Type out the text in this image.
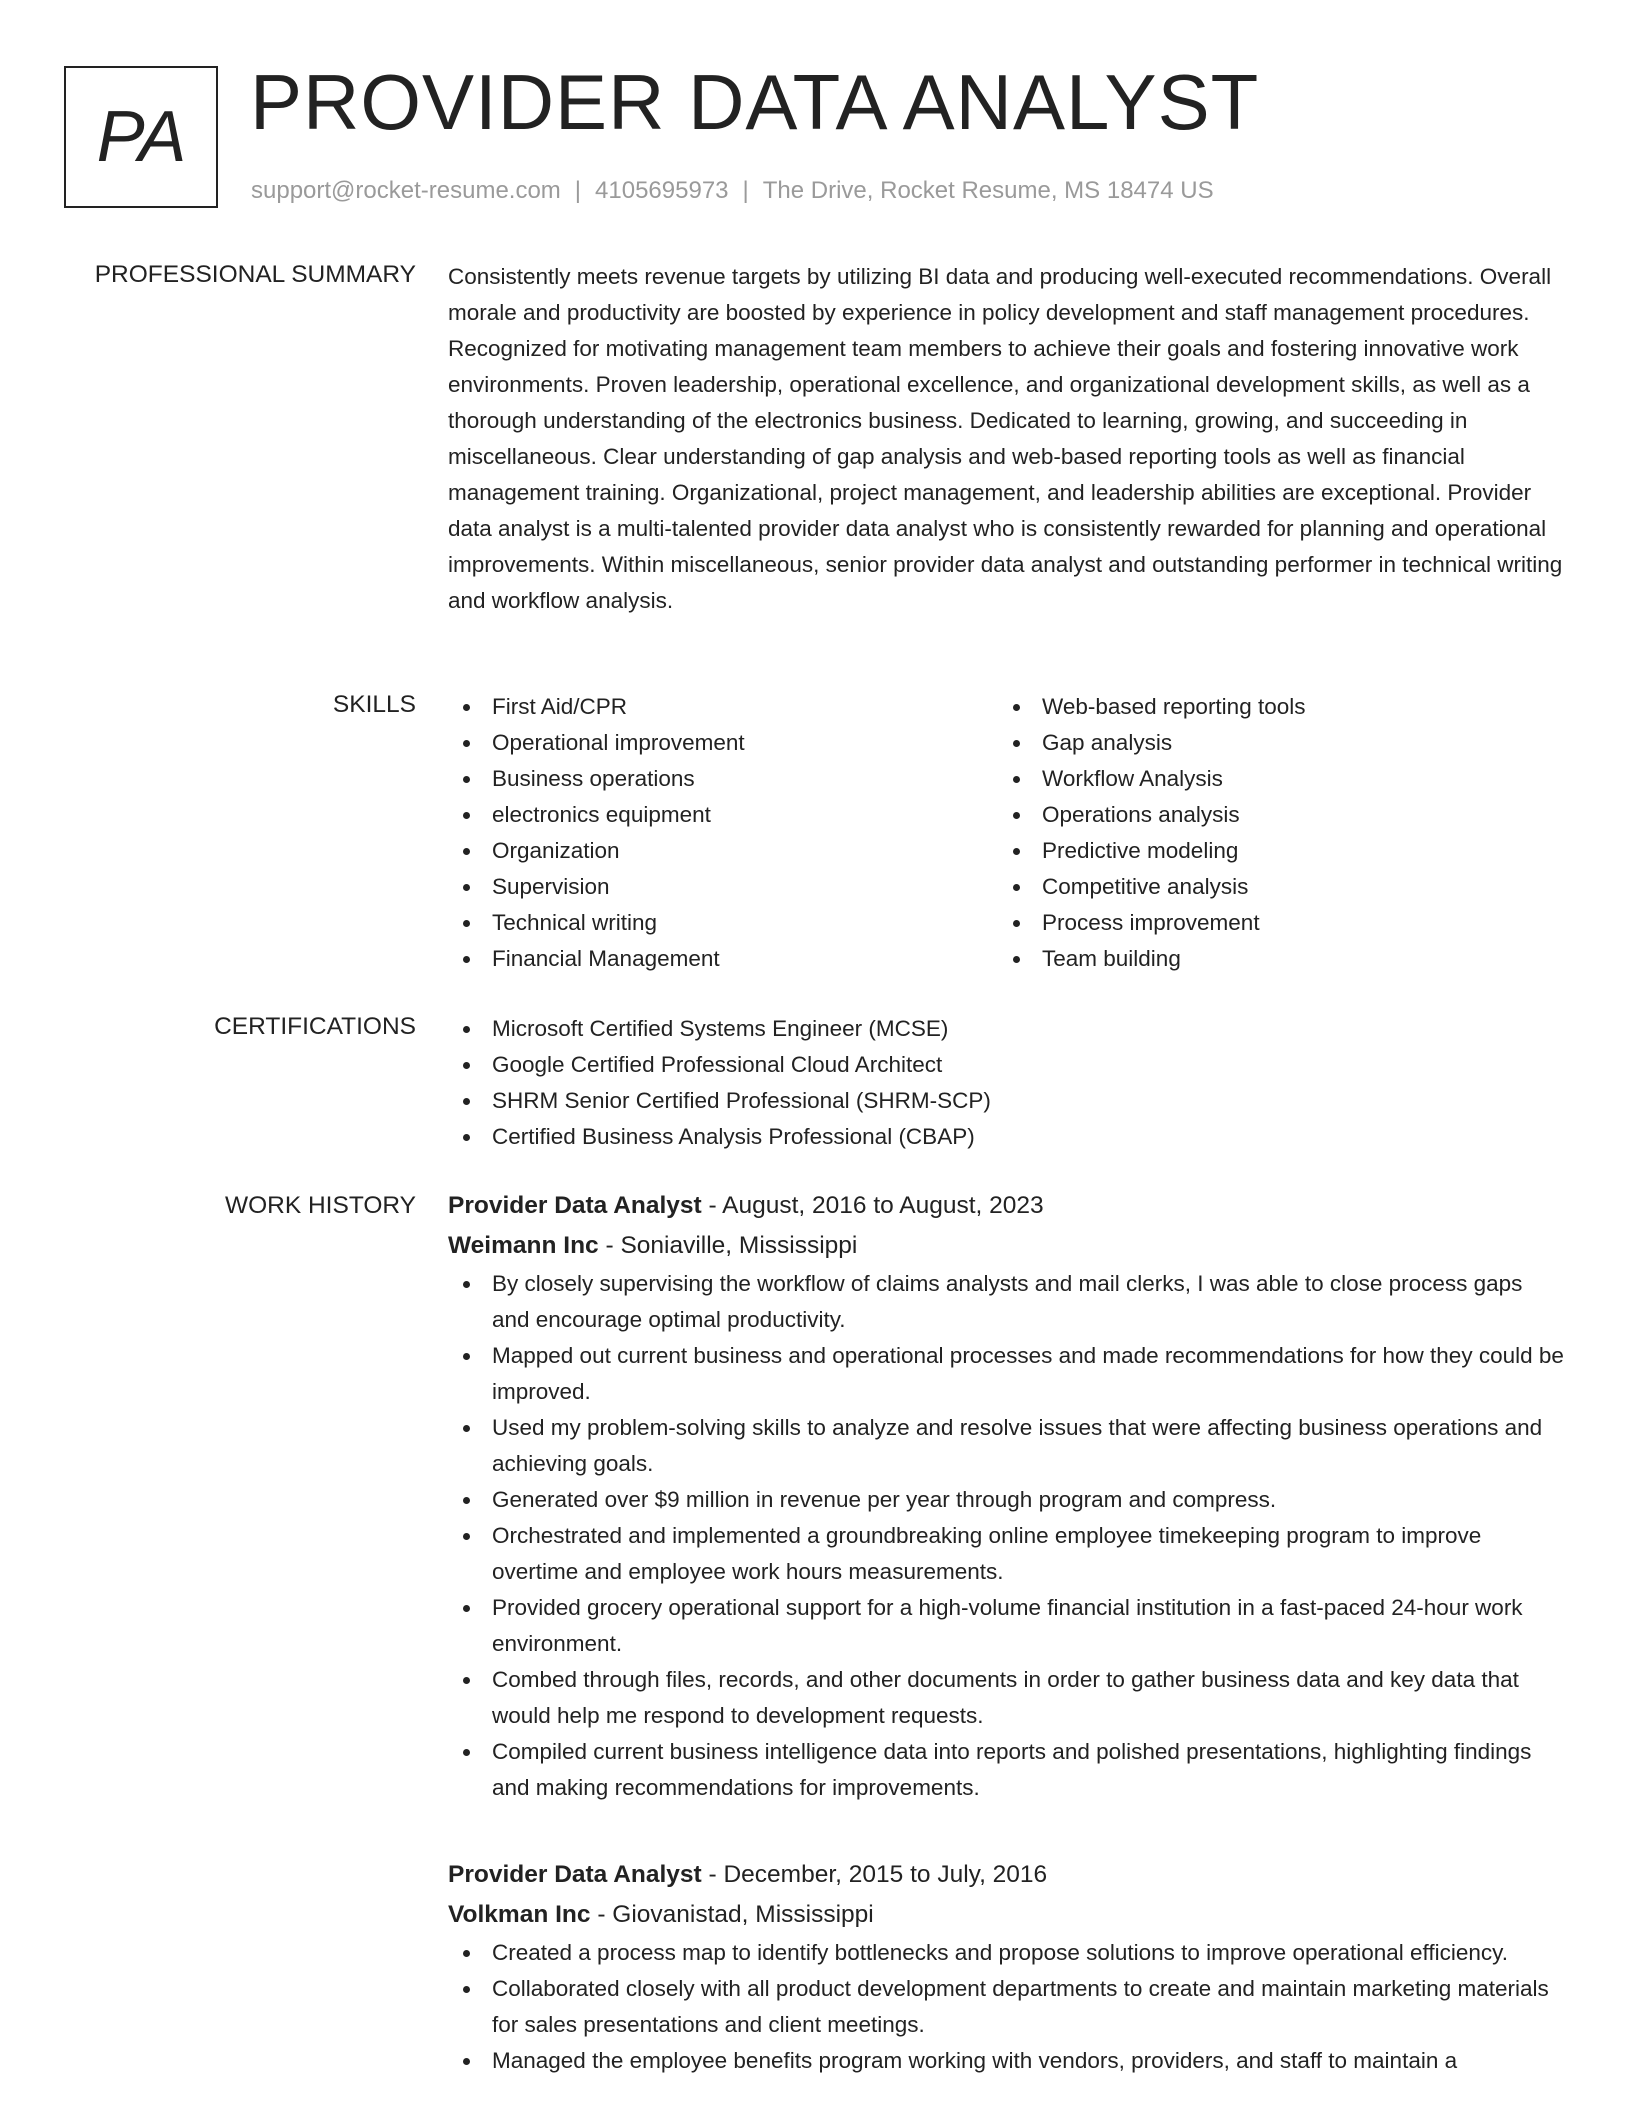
PA PROVIDER DATA ANALYST
support@rocket-resume.com | 4105695973 | The Drive, Rocket Resume, MS 18474 US
PROFESSIONAL SUMMARY Consistently meets revenue targets by utilizing BI data and producing well-executed recommendations. Overall morale and productivity are boosted by experience in policy development and staff management procedures. Recognized for motivating management team members to achieve their goals and fostering innovative work environments. Proven leadership, operational excellence, and organizational development skills, as well as a thorough understanding of the electronics business. Dedicated to learning, growing, and succeeding in miscellaneous. Clear understanding of gap analysis and web-based reporting tools as well as financial management training. Organizational, project management, and leadership abilities are exceptional. Provider data analyst is a multi-talented provider data analyst who is consistently rewarded for planning and operational improvements. Within miscellaneous, senior provider data analyst and outstanding performer in technical writing and workflow analysis.

SKILLS	First Aid/CPR
Operational improvement
Business operations
electronics equipment
Organization
Supervision
Technical writing
Financial Management
Web-based reporting tools
Gap analysis
Workflow Analysis
Operations analysis
Predictive modeling
Competitive analysis
Process improvement
Team building
CERTIFICATIONS	Microsoft Certified Systems Engineer (MCSE)
Google Certified Professional Cloud Architect
SHRM Senior Certified Professional (SHRM-SCP)
Certified Business Analysis Professional (CBAP)
WORK HISTORY Provider Data Analyst - August, 2016 to August, 2023
Weimann Inc - Soniaville, Mississippi
By closely supervising the workflow of claims analysts and mail clerks, I was able to close process gaps and encourage optimal productivity.
Mapped out current business and operational processes and made recommendations for how they could be improved.
Used my problem-solving skills to analyze and resolve issues that were affecting business operations and achieving goals.
Generated over $9 million in revenue per year through program and compress.
Orchestrated and implemented a groundbreaking online employee timekeeping program to improve overtime and employee work hours measurements.
Provided grocery operational support for a high-volume financial institution in a fast-paced 24-hour work environment.
Combed through files, records, and other documents in order to gather business data and key data that would help me respond to development requests.
Compiled current business intelligence data into reports and polished presentations, highlighting findings and making recommendations for improvements.
Provider Data Analyst - December, 2015 to July, 2016
Volkman Inc - Giovanistad, Mississippi
Created a process map to identify bottlenecks and propose solutions to improve operational efficiency.
Collaborated closely with all product development departments to create and maintain marketing materials for sales presentations and client meetings.
Managed the employee benefits program working with vendors, providers, and staff to maintain a
